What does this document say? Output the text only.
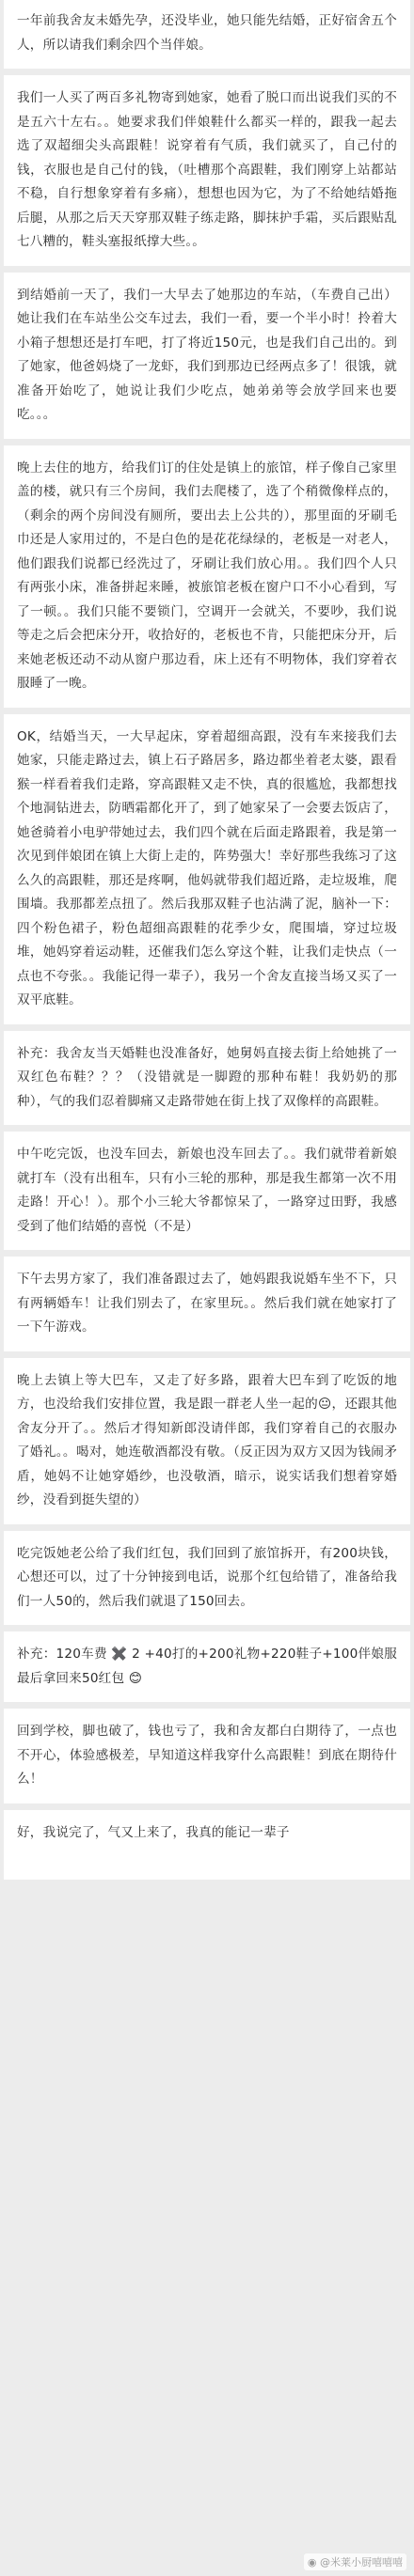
一年前我舍友未婚先孕，还没毕业，她只能先结婚，正好宿舍五个人，所以请我们剩余四个当伴娘。
我们一人买了两百多礼物寄到她家，她看了脱口而出说我们买的不是五六十左右。。她要求我们伴娘鞋什么都买一样的，跟我一起去选了双超细尖头高跟鞋！说穿着有气质，我们就买了，自己付的钱，衣服也是自己付的钱，（吐槽那个高跟鞋，我们刚穿上站都站不稳，自行想象穿着有多痛），想想也因为它，为了不给她结婚拖后腿，从那之后天天穿那双鞋子练走路，脚抹护手霜，买后跟贴乱七八糟的，鞋头塞报纸撑大些。。
到结婚前一天了，我们一大早去了她那边的车站，（车费自己出）她让我们在车站坐公交车过去，我们一看，要一个半小时！拎着大小箱子想想还是打车吧，打了将近150元，也是我们自己出的。到了她家，他爸妈烧了一龙虾，我们到那边已经两点多了！很饿，就准备开始吃了，她说让我们少吃点，她弟弟等会放学回来也要吃。。。
晚上去住的地方，给我们订的住处是镇上的旅馆，样子像自己家里盖的楼，就只有三个房间，我们去爬楼了，选了个稍微像样点的，（剩余的两个房间没有厕所，要出去上公共的），那里面的牙刷毛巾还是人家用过的，不是白色的是花花绿绿的，老板是一对老人，他们跟我们说都已经洗过了，牙刷让我们放心用。。我们四个人只有两张小床，准备拼起来睡，被旅馆老板在窗户口不小心看到，写了一顿。。我们只能不要锁门，空调开一会就关，不要吵，我们说等走之后会把床分开，收拾好的，老板也不肯，只能把床分开，后来她老板还动不动从窗户那边看，床上还有不明物体，我们穿着衣服睡了一晚。
OK，结婚当天，一大早起床，穿着超细高跟，没有车来接我们去她家，只能走路过去，镇上石子路居多，路边都坐着老太婆，跟看猴一样看着我们走路，穿高跟鞋又走不快，真的很尴尬，我都想找个地洞钻进去，防晒霜都化开了，到了她家呆了一会要去饭店了，她爸骑着小电驴带她过去，我们四个就在后面走路跟着，我是第一次见到伴娘团在镇上大街上走的，阵势强大！幸好那些我练习了这么久的高跟鞋，那还是疼啊，他妈就带我们超近路，走垃圾堆，爬围墙。我那都差点扭了。然后我那双鞋子也沾满了泥，脑补一下：四个粉色裙子，粉色超细高跟鞋的花季少女，爬围墙，穿过垃圾堆，她妈穿着运动鞋，还催我们怎么穿这个鞋，让我们走快点（一点也不夸张。。我能记得一辈子），我另一个舍友直接当场又买了一双平底鞋。
补充：我舍友当天婚鞋也没准备好，她舅妈直接去街上给她挑了一双红色布鞋？？？（没错就是一脚蹬的那种布鞋！我奶奶的那种），气的我们忍着脚痛又走路带她在街上找了双像样的高跟鞋。
中午吃完饭，也没车回去，新娘也没车回去了。。我们就带着新娘就打车（没有出租车，只有小三轮的那种，那是我生都第一次不用走路！开心！）。那个小三轮大爷都惊呆了，一路穿过田野，我感受到了他们结婚的喜悦（不是）
下午去男方家了，我们准备跟过去了，她妈跟我说婚车坐不下，只有两辆婚车！让我们别去了，在家里玩。。然后我们就在她家打了一下午游戏。
晚上去镇上等大巴车，又走了好多路，跟着大巴车到了吃饭的地方，也没给我们安排位置，我是跟一群老人坐一起的😐，还跟其他舍友分开了。。然后才得知新郎没请伴郎，我们穿着自己的衣服办了婚礼。。喝对，她连敬酒都没有敬。（反正因为双方又因为钱闹矛盾，她妈不让她穿婚纱，也没敬酒，暗示，说实话我们想着穿婚纱，没看到挺失望的）
吃完饭她老公给了我们红包，我们回到了旅馆拆开，有200块钱，心想还可以，过了十分钟接到电话，说那个红包给错了，准备给我们一人50的，然后我们就退了150回去。
补充：120车费 ✖️ 2 +40打的+200礼物+220鞋子+100伴娘服 最后拿回来50红包 😊
回到学校，脚也破了，钱也亏了，我和舍友都白白期待了，一点也不开心，体验感极差，早知道这样我穿什么高跟鞋！到底在期待什么！
好，我说完了，气又上来了，我真的能记一辈子
◉ @米莱小厨嘻嘻嘻
